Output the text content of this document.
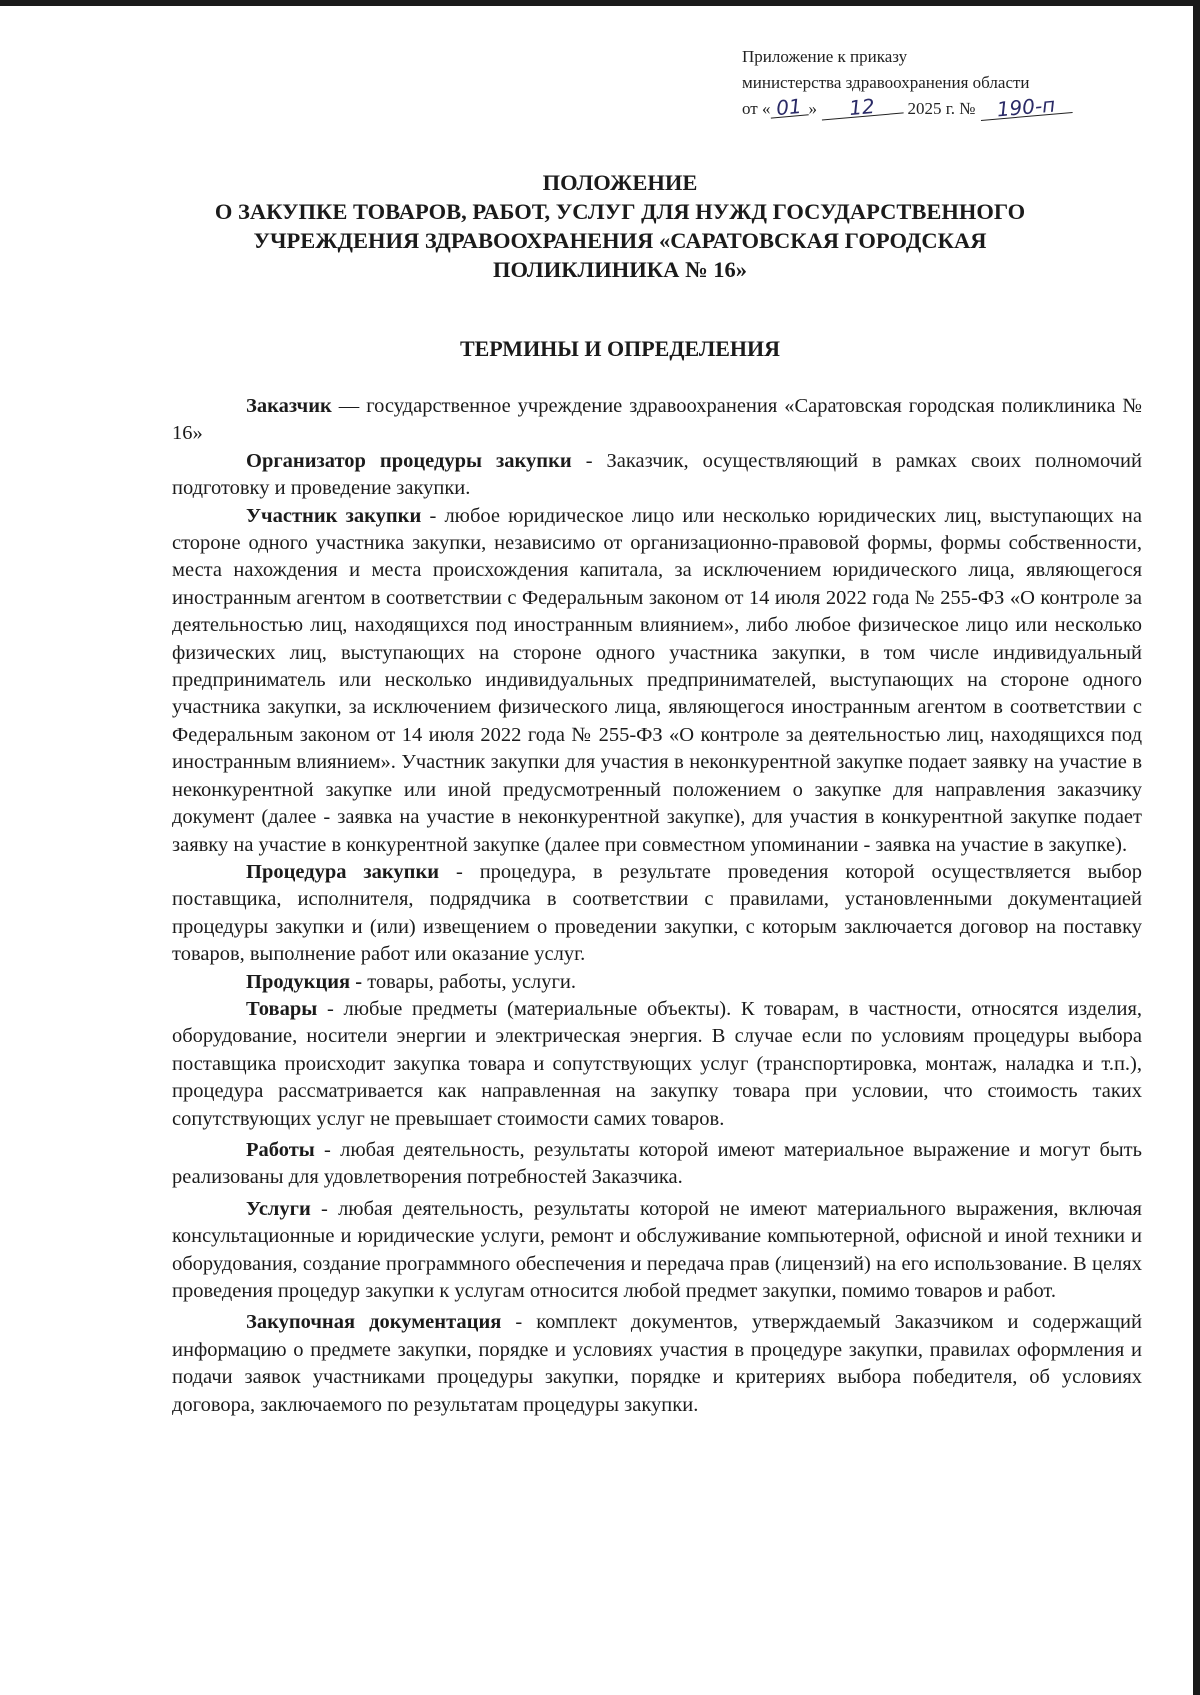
Приложение к приказу
министерства здравоохранения области
от « 01 » 12 2025 г. № 190-п
ПОЛОЖЕНИЕ
О ЗАКУПКЕ ТОВАРОВ, РАБОТ, УСЛУГ ДЛЯ НУЖД ГОСУДАРСТВЕННОГО
УЧРЕЖДЕНИЯ ЗДРАВООХРАНЕНИЯ «САРАТОВСКАЯ ГОРОДСКАЯ
ПОЛИКЛИНИКА № 16»
ТЕРМИНЫ И ОПРЕДЕЛЕНИЯ

Заказчик — государственное учреждение здравоохранения «Саратовская городская поликлиника № 16»

Организатор процедуры закупки - Заказчик, осуществляющий в рамках своих полномочий подготовку и проведение закупки.

Участник закупки - любое юридическое лицо или несколько юридических лиц, выступающих на стороне одного участника закупки, независимо от организационно-правовой формы, формы собственности, места нахождения и места происхождения капитала, за исключением юридического лица, являющегося иностранным агентом в соответствии с Федеральным законом от 14 июля 2022 года № 255-ФЗ «О контроле за деятельностью лиц, находящихся под иностранным влиянием», либо любое физическое лицо или несколько физических лиц, выступающих на стороне одного участника закупки, в том числе индивидуальный предприниматель или несколько индивидуальных предпринимателей, выступающих на стороне одного участника закупки, за исключением физического лица, являющегося иностранным агентом в соответствии с Федеральным законом от 14 июля 2022 года № 255-ФЗ «О контроле за деятельностью лиц, находящихся под иностранным влиянием». Участник закупки для участия в неконкурентной закупке подает заявку на участие в неконкурентной закупке или иной предусмотренный положением о закупке для направления заказчику документ (далее - заявка на участие в неконкурентной закупке), для участия в конкурентной закупке подает заявку на участие в конкурентной закупке (далее при совместном упоминании - заявка на участие в закупке).

Процедура закупки - процедура, в результате проведения которой осуществляется выбор поставщика, исполнителя, подрядчика в соответствии с правилами, установленными документацией процедуры закупки и (или) извещением о проведении закупки, с которым заключается договор на поставку товаров, выполнение работ или оказание услуг.

Продукция - товары, работы, услуги.

Товары - любые предметы (материальные объекты). К товарам, в частности, относятся изделия, оборудование, носители энергии и электрическая энергия. В случае если по условиям процедуры выбора поставщика происходит закупка товара и сопутствующих услуг (транспортировка, монтаж, наладка и т.п.), процедура рассматривается как направленная на закупку товара при условии, что стоимость таких сопутствующих услуг не превышает стоимости самих товаров.

Работы - любая деятельность, результаты которой имеют материальное выражение и могут быть реализованы для удовлетворения потребностей Заказчика.

Услуги - любая деятельность, результаты которой не имеют материального выражения, включая консультационные и юридические услуги, ремонт и обслуживание компьютерной, офисной и иной техники и оборудования, создание программного обеспечения и передача прав (лицензий) на его использование. В целях проведения процедур закупки к услугам относится любой предмет закупки, помимо товаров и работ.

Закупочная документация - комплект документов, утверждаемый Заказчиком и содержащий информацию о предмете закупки, порядке и условиях участия в процедуре закупки, правилах оформления и подачи заявок участниками процедуры закупки, порядке и критериях выбора победителя, об условиях договора, заключаемого по результатам процедуры закупки.
